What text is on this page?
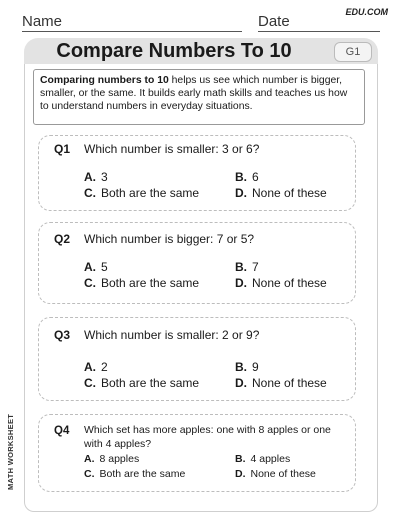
Name	Date
EDU.COM
Compare Numbers To 10	G1
Comparing numbers to 10 helps us see which number is bigger, smaller, or the same. It builds early math skills and teaches us how to understand numbers in everyday situations.
MATH WORKSHEET
Q1 Which number is smaller: 3 or 6?
A. 3	B. 6
C. Both are the same	D. None of these
Q2 Which number is bigger: 7 or 5?
A. 5	B. 7
C. Both are the same	D. None of these
Q3 Which number is smaller: 2 or 9?
A. 2	B. 9
C. Both are the same	D. None of these
Q4 Which set has more apples: one with 8 apples or one with 4 apples?
A. 8 apples	B. 4 apples
C. Both are the same	D. None of these
